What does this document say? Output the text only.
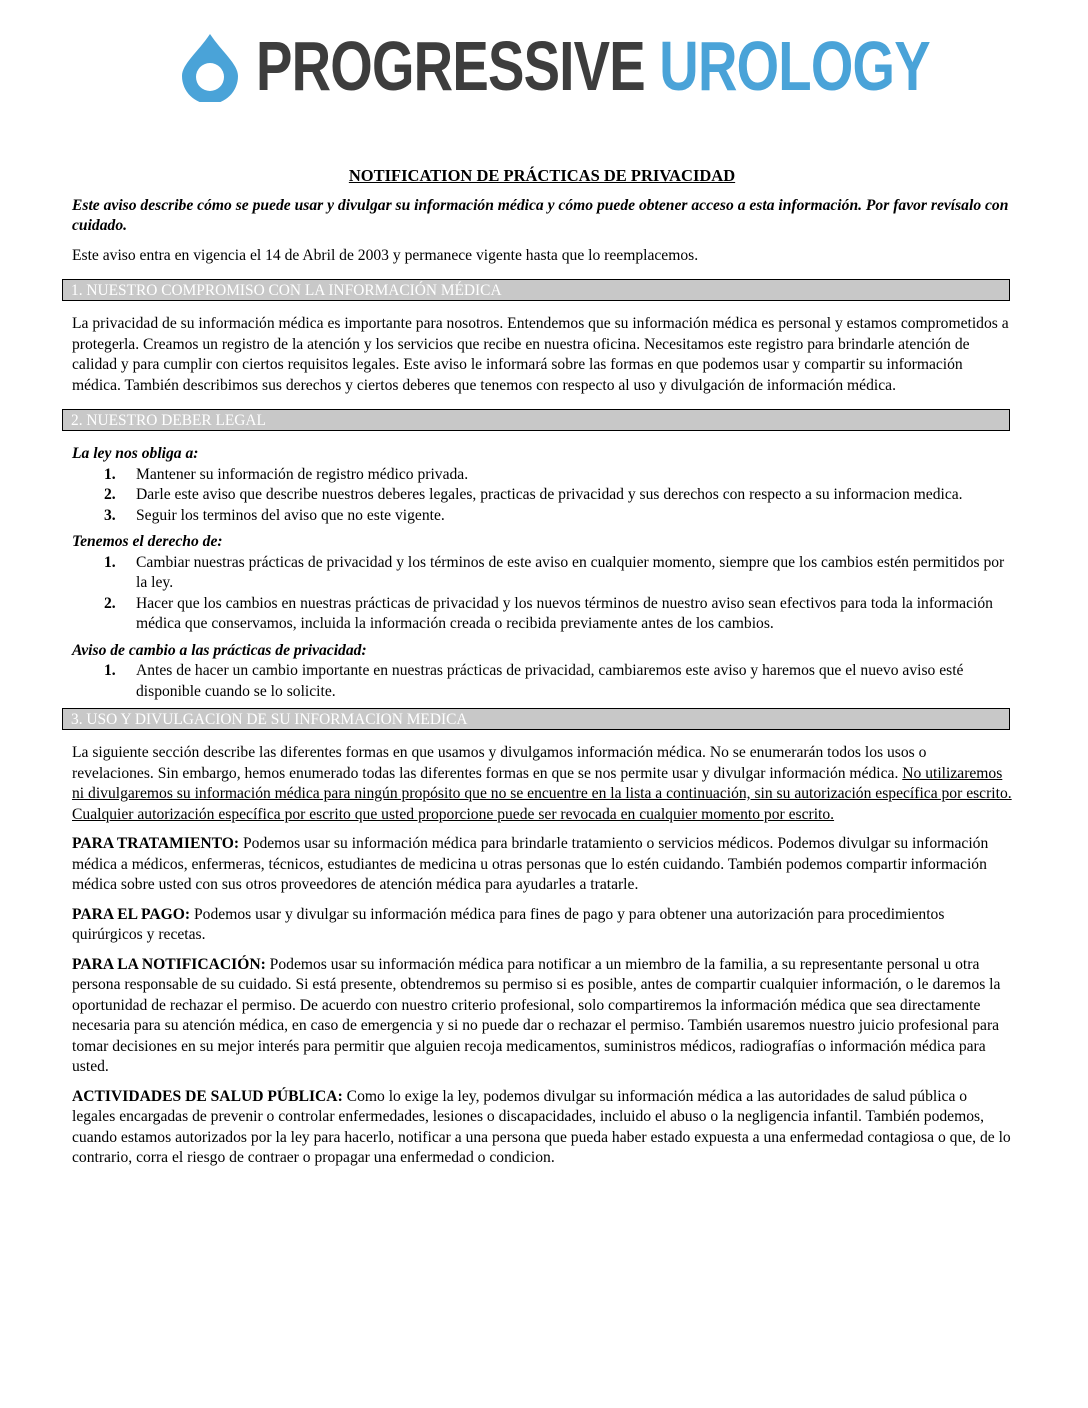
PROGRESSIVE UROLOGY
NOTIFICATION DE PRÁCTICAS DE PRIVACIDAD

Este aviso describe cómo se puede usar y divulgar su información médica y cómo puede obtener acceso a esta información. Por favor revísalo con cuidado.

Este aviso entra en vigencia el 14 de Abril de 2003 y permanece vigente hasta que lo reemplacemos.

1. NUESTRO COMPROMISO CON LA INFORMACIÓN MÉDICA

La privacidad de su información médica es importante para nosotros. Entendemos que su información médica es personal y estamos comprometidos a protegerla. Creamos un registro de la atención y los servicios que recibe en nuestra oficina. Necesitamos este registro para brindarle atención de calidad y para cumplir con ciertos requisitos legales. Este aviso le informará sobre las formas en que podemos usar y compartir su información médica. También describimos sus derechos y ciertos deberes que tenemos con respecto al uso y divulgación de información médica.

2. NUESTRO DEBER LEGAL

La ley nos obliga a:

1. Mantener su información de registro médico privada.
2. Darle este aviso que describe nuestros deberes legales, practicas de privacidad y sus derechos con respecto a su informacion medica.
3. Seguir los terminos del aviso que no este vigente.

Tenemos el derecho de:

1. Cambiar nuestras prácticas de privacidad y los términos de este aviso en cualquier momento, siempre que los cambios estén permitidos por la ley.
2. Hacer que los cambios en nuestras prácticas de privacidad y los nuevos términos de nuestro aviso sean efectivos para toda la información médica que conservamos, incluida la información creada o recibida previamente antes de los cambios.

Aviso de cambio a las prácticas de privacidad:

1. Antes de hacer un cambio importante en nuestras prácticas de privacidad, cambiaremos este aviso y haremos que el nuevo aviso esté disponible cuando se lo solicite.
3. USO Y DIVULGACION DE SU INFORMACION MEDICA

La siguiente sección describe las diferentes formas en que usamos y divulgamos información médica. No se enumerarán todos los usos o revelaciones. Sin embargo, hemos enumerado todas las diferentes formas en que se nos permite usar y divulgar información médica. No utilizaremos ni divulgaremos su información médica para ningún propósito que no se encuentre en la lista a continuación, sin su autorización específica por escrito. Cualquier autorización específica por escrito que usted proporcione puede ser revocada en cualquier momento por escrito.

PARA TRATAMIENTO: Podemos usar su información médica para brindarle tratamiento o servicios médicos. Podemos divulgar su información médica a médicos, enfermeras, técnicos, estudiantes de medicina u otras personas que lo estén cuidando. También podemos compartir información médica sobre usted con sus otros proveedores de atención médica para ayudarles a tratarle.

PARA EL PAGO: Podemos usar y divulgar su información médica para fines de pago y para obtener una autorización para procedimientos quirúrgicos y recetas.

PARA LA NOTIFICACIÓN: Podemos usar su información médica para notificar a un miembro de la familia, a su representante personal u otra persona responsable de su cuidado. Si está presente, obtendremos su permiso si es posible, antes de compartir cualquier información, o le daremos la oportunidad de rechazar el permiso. De acuerdo con nuestro criterio profesional, solo compartiremos la información médica que sea directamente necesaria para su atención médica, en caso de emergencia y si no puede dar o rechazar el permiso. También usaremos nuestro juicio profesional para tomar decisiones en su mejor interés para permitir que alguien recoja medicamentos, suministros médicos, radiografías o información médica para usted.

ACTIVIDADES DE SALUD PÚBLICA: Como lo exige la ley, podemos divulgar su información médica a las autoridades de salud pública o legales encargadas de prevenir o controlar enfermedades, lesiones o discapacidades, incluido el abuso o la negligencia infantil. También podemos, cuando estamos autorizados por la ley para hacerlo, notificar a una persona que pueda haber estado expuesta a una enfermedad contagiosa o que, de lo contrario, corra el riesgo de contraer o propagar una enfermedad o condicion.
